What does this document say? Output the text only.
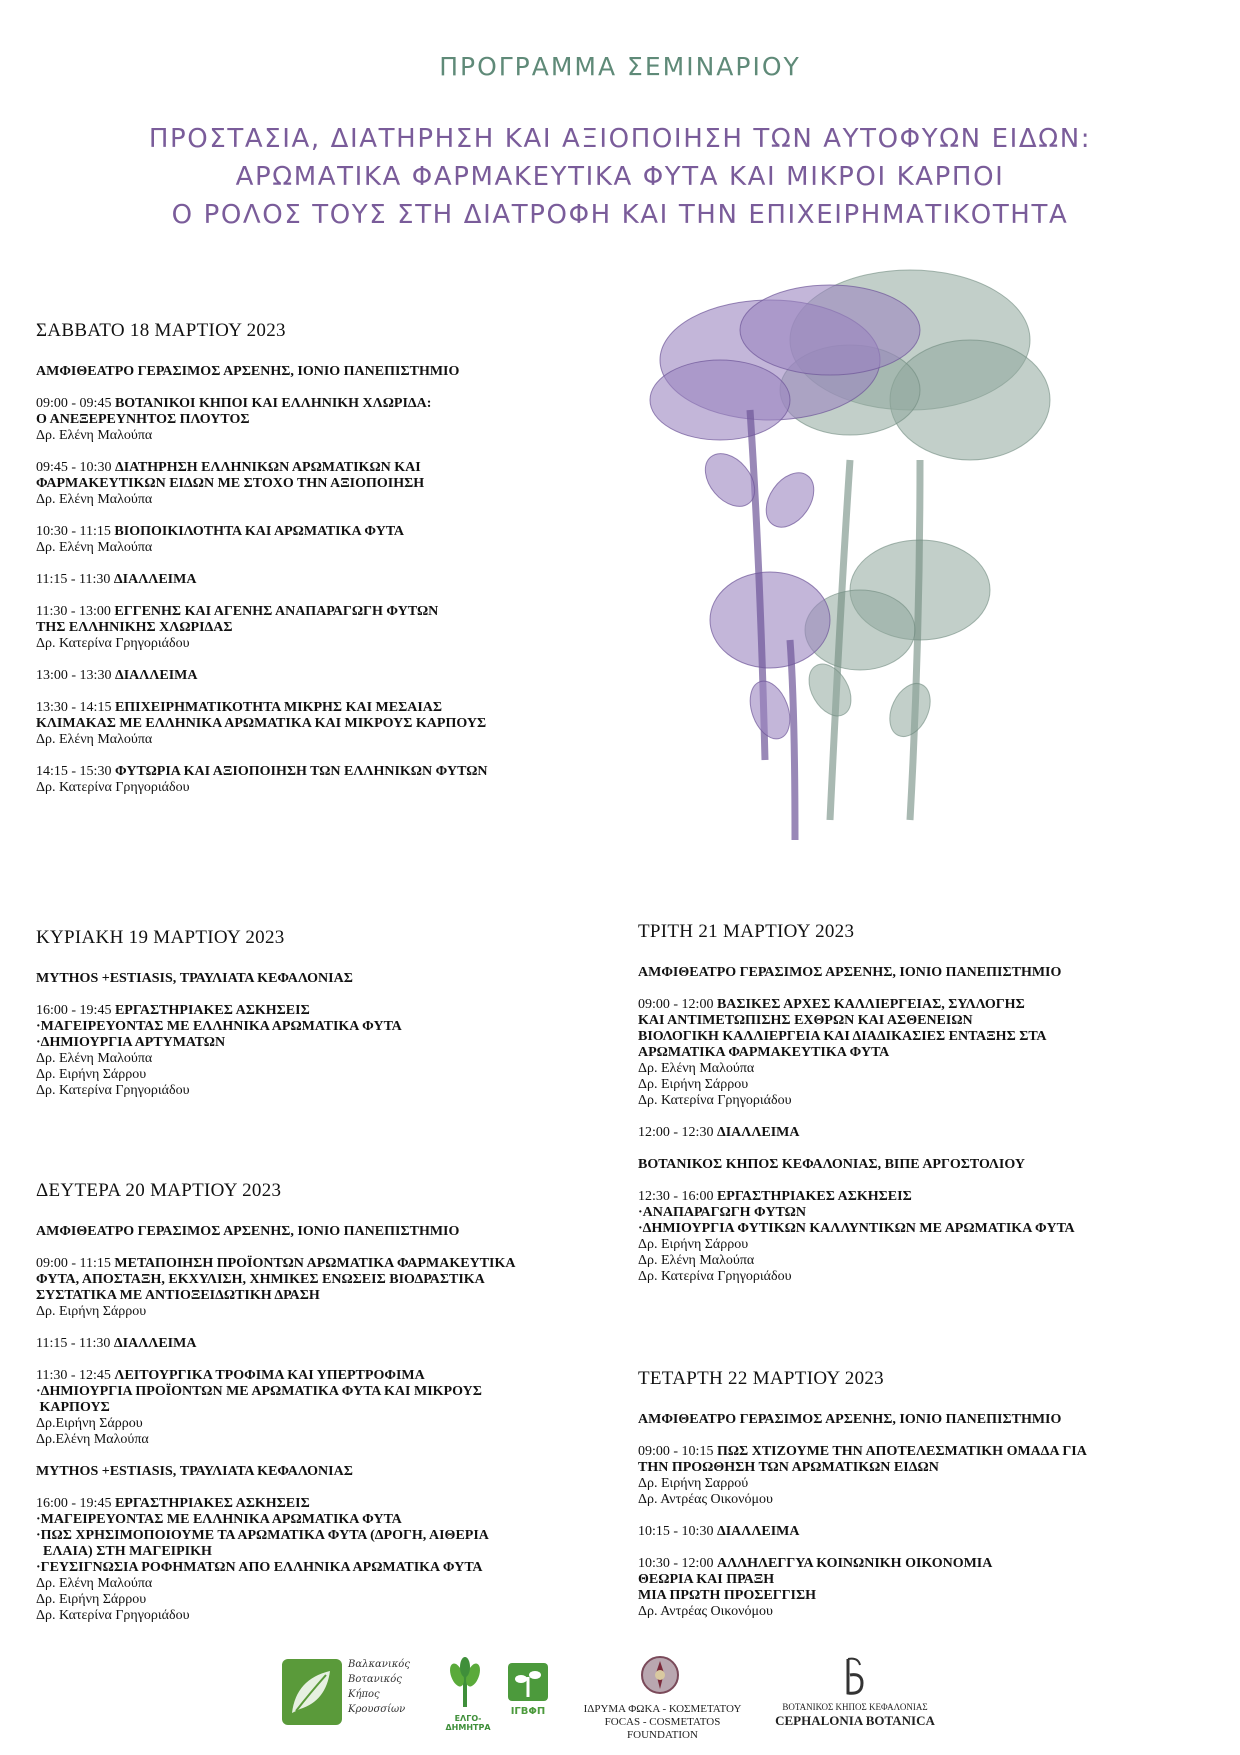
ΠΡΟΓΡΑΜΜΑ ΣΕΜΙΝΑΡΙΟΥ
ΠΡΟΣΤΑΣΙΑ, ΔΙΑΤΗΡΗΣΗ ΚΑΙ ΑΞΙΟΠΟΙΗΣΗ ΤΩΝ ΑΥΤΟΦΥΩΝ ΕΙΔΩΝ:
ΑΡΩΜΑΤΙΚΑ ΦΑΡΜΑΚΕΥΤΙΚΑ ΦΥΤΑ ΚΑΙ ΜΙΚΡΟΙ ΚΑΡΠΟΙ
Ο ΡΟΛΟΣ ΤΟΥΣ ΣΤΗ ΔΙΑΤΡΟΦΗ ΚΑΙ ΤΗΝ ΕΠΙΧΕΙΡΗΜΑΤΙΚΟΤΗΤΑ
ΣΑΒΒΑΤΟ 18 ΜΑΡΤΙΟΥ 2023
ΑΜΦΙΘΕΑΤΡΟ ΓΕΡΑΣΙΜΟΣ ΑΡΣΕΝΗΣ, ΙΟΝΙΟ ΠΑΝΕΠΙΣΤΗΜΙΟ
09:00 - 09:45 ΒΟΤΑΝΙΚΟΙ ΚΗΠΟΙ ΚΑΙ ΕΛΛΗΝΙΚΗ ΧΛΩΡΙΔΑ:
Ο ΑΝΕΞΕΡΕΥΝΗΤΟΣ ΠΛΟΥΤΟΣ
Δρ. Ελένη Μαλούπα
09:45 - 10:30 ΔΙΑΤΗΡΗΣΗ ΕΛΛΗΝΙΚΩΝ ΑΡΩΜΑΤΙΚΩΝ ΚΑΙ
ΦΑΡΜΑΚΕΥΤΙΚΩΝ ΕΙΔΩΝ ΜΕ ΣΤΟΧΟ ΤΗΝ ΑΞΙΟΠΟΙΗΣΗ
Δρ. Ελένη Μαλούπα
10:30 - 11:15 ΒΙΟΠΟΙΚΙΛΟΤΗΤΑ ΚΑΙ ΑΡΩΜΑΤΙΚΑ ΦΥΤΑ
Δρ. Ελένη Μαλούπα
11:15 - 11:30 ΔΙΑΛΛΕΙΜΑ
11:30 - 13:00 ΕΓΓΕΝΗΣ ΚΑΙ ΑΓΕΝΗΣ ΑΝΑΠΑΡΑΓΩΓΗ ΦΥΤΩΝ
ΤΗΣ ΕΛΛΗΝΙΚΗΣ ΧΛΩΡΙΔΑΣ
Δρ. Κατερίνα Γρηγοριάδου
13:00 - 13:30 ΔΙΑΛΛΕΙΜΑ
13:30 - 14:15 ΕΠΙΧΕΙΡΗΜΑΤΙΚΟΤΗΤΑ ΜΙΚΡΗΣ ΚΑΙ ΜΕΣΑΙΑΣ
ΚΛΙΜΑΚΑΣ ΜΕ ΕΛΛΗΝΙΚΑ ΑΡΩΜΑΤΙΚΑ ΚΑΙ ΜΙΚΡΟΥΣ ΚΑΡΠΟΥΣ
Δρ. Ελένη Μαλούπα
14:15 - 15:30 ΦΥΤΩΡΙΑ ΚΑΙ ΑΞΙΟΠΟΙΗΣΗ ΤΩΝ ΕΛΛΗΝΙΚΩΝ ΦΥΤΩΝ
Δρ. Κατερίνα Γρηγοριάδου
ΚΥΡΙΑΚΗ 19 ΜΑΡΤΙΟΥ 2023
MYTHOS +ESTIASIS, ΤΡΑΥΛΙΑΤΑ ΚΕΦΑΛΟΝΙΑΣ
16:00 - 19:45 ΕΡΓΑΣΤΗΡΙΑΚΕΣ ΑΣΚΗΣΕΙΣ
·ΜΑΓΕΙΡΕΥΟΝΤΑΣ ΜΕ ΕΛΛΗΝΙΚΑ ΑΡΩΜΑΤΙΚΑ ΦΥΤΑ
·ΔΗΜΙΟΥΡΓΙΑ ΑΡΤΥΜΑΤΩΝ
Δρ. Ελένη Μαλούπα
Δρ. Ειρήνη Σάρρου
Δρ. Κατερίνα Γρηγοριάδου
ΔΕΥΤΕΡΑ 20 ΜΑΡΤΙΟΥ 2023
ΑΜΦΙΘΕΑΤΡΟ ΓΕΡΑΣΙΜΟΣ ΑΡΣΕΝΗΣ, ΙΟΝΙΟ ΠΑΝΕΠΙΣΤΗΜΙΟ
09:00 - 11:15 ΜΕΤΑΠΟΙΗΣΗ ΠΡΟΪΟΝΤΩΝ ΑΡΩΜΑΤΙΚΑ ΦΑΡΜΑΚΕΥΤΙΚΑ
ΦΥΤΑ, ΑΠΟΣΤΑΞΗ, ΕΚΧΥΛΙΣΗ, ΧΗΜΙΚΕΣ ΕΝΩΣΕΙΣ ΒΙΟΔΡΑΣΤΙΚΑ
ΣΥΣΤΑΤΙΚΑ ΜΕ ΑΝΤΙΟΞΕΙΔΩΤΙΚΗ ΔΡΑΣΗ
Δρ. Ειρήνη Σάρρου
11:15 - 11:30 ΔΙΑΛΛΕΙΜΑ
11:30 - 12:45 ΛΕΙΤΟΥΡΓΙΚΑ ΤΡΟΦΙΜΑ ΚΑΙ ΥΠΕΡΤΡΟΦΙΜΑ
·ΔΗΜΙΟΥΡΓΙΑ ΠΡΟΪΟΝΤΩΝ ΜΕ ΑΡΩΜΑΤΙΚΑ ΦΥΤΑ ΚΑΙ ΜΙΚΡΟΥΣ
ΚΑΡΠΟΥΣ
Δρ.Ειρήνη Σάρρου
Δρ.Ελένη Μαλούπα
MYTHOS +ESTIASIS, ΤΡΑΥΛΙΑΤΑ ΚΕΦΑΛΟΝΙΑΣ
16:00 - 19:45 ΕΡΓΑΣΤΗΡΙΑΚΕΣ ΑΣΚΗΣΕΙΣ
·ΜΑΓΕΙΡΕΥΟΝΤΑΣ ΜΕ ΕΛΛΗΝΙΚΑ ΑΡΩΜΑΤΙΚΑ ΦΥΤΑ
·ΠΩΣ ΧΡΗΣΙΜΟΠΟΙΟΥΜΕ ΤΑ ΑΡΩΜΑΤΙΚΑ ΦΥΤΑ (ΔΡΟΓΗ, ΑΙΘΕΡΙΑ
ΕΛΑΙΑ) ΣΤΗ ΜΑΓΕΙΡΙΚΗ
·ΓΕΥΣΙΓΝΩΣΙΑ ΡΟΦΗΜΑΤΩΝ ΑΠΟ ΕΛΛΗΝΙΚΑ ΑΡΩΜΑΤΙΚΑ ΦΥΤΑ
Δρ. Ελένη Μαλούπα
Δρ. Ειρήνη Σάρρου
Δρ. Κατερίνα Γρηγοριάδου
ΤΡΙΤΗ 21 ΜΑΡΤΙΟΥ 2023
ΑΜΦΙΘΕΑΤΡΟ ΓΕΡΑΣΙΜΟΣ ΑΡΣΕΝΗΣ, ΙΟΝΙΟ ΠΑΝΕΠΙΣΤΗΜΙΟ
09:00 - 12:00 ΒΑΣΙΚΕΣ ΑΡΧΕΣ ΚΑΛΛΙΕΡΓΕΙΑΣ, ΣΥΛΛΟΓΗΣ
ΚΑΙ ΑΝΤΙΜΕΤΩΠΙΣΗΣ ΕΧΘΡΩΝ ΚΑΙ ΑΣΘΕΝΕΙΩΝ
ΒΙΟΛΟΓΙΚΗ ΚΑΛΛΙΕΡΓΕΙΑ ΚΑΙ ΔΙΑΔΙΚΑΣΙΕΣ ΕΝΤΑΞΗΣ ΣΤΑ
ΑΡΩΜΑΤΙΚΑ ΦΑΡΜΑΚΕΥΤΙΚΑ ΦΥΤΑ
Δρ. Ελένη Μαλούπα
Δρ. Ειρήνη Σάρρου
Δρ. Κατερίνα Γρηγοριάδου
12:00 - 12:30 ΔΙΑΛΛΕΙΜΑ
ΒΟΤΑΝΙΚΟΣ ΚΗΠΟΣ ΚΕΦΑΛΟΝΙΑΣ, ΒΙΠΕ ΑΡΓΟΣΤΟΛΙΟΥ
12:30 - 16:00 ΕΡΓΑΣΤΗΡΙΑΚΕΣ ΑΣΚΗΣΕΙΣ
·ΑΝΑΠΑΡΑΓΩΓΗ ΦΥΤΩΝ
·ΔΗΜΙΟΥΡΓΙΑ ΦΥΤΙΚΩΝ ΚΑΛΛΥΝΤΙΚΩΝ ΜΕ ΑΡΩΜΑΤΙΚΑ ΦΥΤΑ
Δρ. Ειρήνη Σάρρου
Δρ. Ελένη Μαλούπα
Δρ. Κατερίνα Γρηγοριάδου
ΤΕΤΑΡΤΗ 22 ΜΑΡΤΙΟΥ 2023
ΑΜΦΙΘΕΑΤΡΟ ΓΕΡΑΣΙΜΟΣ ΑΡΣΕΝΗΣ, ΙΟΝΙΟ ΠΑΝΕΠΙΣΤΗΜΙΟ
09:00 - 10:15 ΠΩΣ ΧΤΙΖΟΥΜΕ ΤΗΝ ΑΠΟΤΕΛΕΣΜΑΤΙΚΗ ΟΜΑΔΑ ΓΙΑ
ΤΗΝ ΠΡΟΩΘΗΣΗ ΤΩΝ ΑΡΩΜΑΤΙΚΩΝ ΕΙΔΩΝ
Δρ. Ειρήνη Σαρρού
Δρ. Αντρέας Οικονόμου
10:15 - 10:30 ΔΙΑΛΛΕΙΜΑ
10:30 - 12:00 ΑΛΛΗΛΕΓΓΥΑ ΚΟΙΝΩΝΙΚΗ ΟΙΚΟΝΟΜΙΑ
ΘΕΩΡΙΑ ΚΑΙ ΠΡΑΞΗ
ΜΙΑ ΠΡΩΤΗ ΠΡΟΣΕΓΓΙΣΗ
Δρ. Αντρέας Οικονόμου
Βαλκανικός
Βοτανικός
Κήπος
Κρουσσίων
ΕΛΓΟ-ΔΗΜΗΤΡΑ
ΙΓΒΦΠ	ΙΔΡΥΜΑ ΦΩΚΑ - ΚΟΣΜΕΤΑΤΟΥ
FOCAS - COSMETATOS FOUNDATION
ΒΟΤΑΝΙΚΟΣ ΚΗΠΟΣ ΚΕΦΑΛΟΝΙΑΣ
CEPHALONIA BOTANICA
